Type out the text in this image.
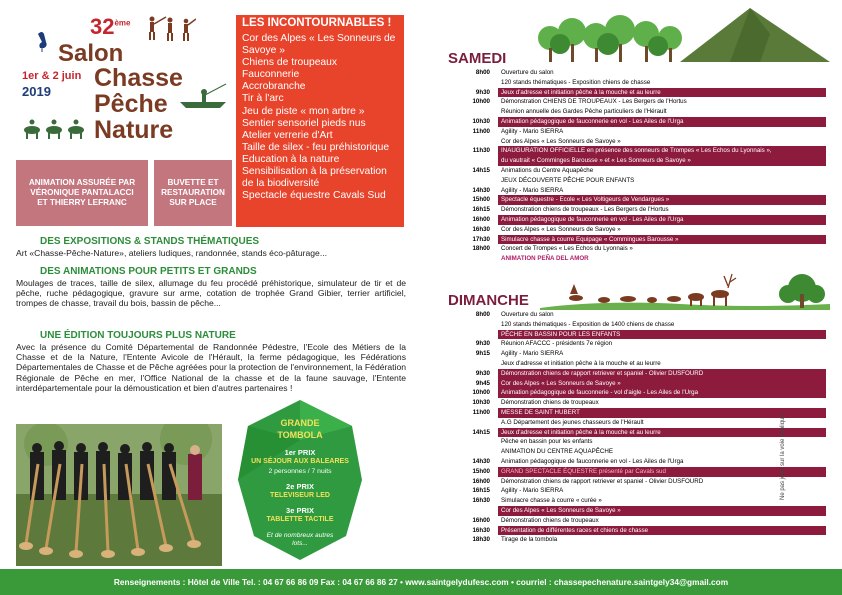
32ème
Salon
1er & 2 juin
2019 Chasse
Pêche
Nature
LES INCONTOURNABLES !
Cor des Alpes « Les Sonneurs de Savoye »
Chiens de troupeaux
Fauconnerie
Accrobranche
Tir à l'arc
Jeu de piste « mon arbre »
Sentier sensoriel pieds nus
Atelier verrerie d'Art
Taille de silex - feu préhistorique
Education à la nature
Sensibilisation à la préservation de la biodiversité
Spectacle équestre Cavals Sud
ANIMATION ASSURÉE PAR VÉRONIQUE PANTALACCI ET THIERRY LEFRANC
BUVETTE ET RESTAURATION SUR PLACE
DES EXPOSITIONS & STANDS THÉMATIQUES
Art «Chasse-Pêche-Nature», ateliers ludiques, randonnée, stands éco-pâturage...
DES ANIMATIONS POUR PETITS ET GRANDS
Moulages de traces, taille de silex, allumage du feu procédé préhistorique, simulateur de tir et de pêche, ruche pédagogique, gravure sur arme, cotation de trophée Grand Gibier, terrier artificiel, trompes de chasse, travail du bois, bassin de pêche...
UNE ÉDITION TOUJOURS PLUS NATURE
Avec la présence du Comité Départemental de Randonnée Pédestre, l'Ecole des Métiers de la Chasse et de la Nature, l'Entente Avicole de l'Hérault, la ferme pédagogique, les Fédérations Départementales de Chasse et de Pêche agréées pour la protection de l'environnement, la Fédération Régionale de Pêche en mer, l'Office National de la chasse et de la faune sauvage, l'Entente interdépartementale pour la démoustication et bien d'autres partenaires !
GRANDE
TOMBOLA
1er PRIX
UN SÉJOUR AUX BALEARES
2 personnes / 7 nuits
2e PRIX
TELEVISEUR LED
3e PRIX
TABLETTE TACTILE
Et de nombreux autres lots...
SAMEDI
8h00	Ouverture du salon
120 stands thématiques - Exposition chiens de chasse
9h30	Jeux d'adresse et initiation pêche à la mouche et au leurre
10h00	Démonstration CHIENS DE TROUPEAUX - Les Bergers de l'Hortus
Réunion annuelle des Gardes Pêche particuliers de l'Hérault
10h30	Animation pédagogique de fauconnerie en vol - Les Ailes de l'Urga
11h00	Agility - Mario SIERRA
Cor des Alpes « Les Sonneurs de Savoye »
11h30	INAUGURATION OFFICIELLE en présence des sonneurs de Trompes « Les Echos du Lyonnais »,
du vautrait « Comminges Barousse » et « Les Sonneurs de Savoye »
14h15	Animations du Centre Aquapêche
JEUX DÉCOUVERTE PÊCHE POUR ENFANTS
14h30	Agility - Mario SIERRA
15h00	Spectacle équestre - Ecole « Les Voltigeurs de Vendargues »
16h15	Démonstration chiens de troupeaux - Les Bergers de l'Hortus
16h00	Animation pédagogique de fauconnerie en vol - Les Ailes de l'Urga
16h30	Cor des Alpes « Les Sonneurs de Savoye »
17h30	Simulacre chasse à courre Equipage « Commingues Barousse »
18h00	Concert de Trompes « Les Echos du Lyonnais »
ANIMATION PEÑA DEL AMOR
DIMANCHE
8h00	Ouverture du salon
120 stands thématiques - Exposition de 1400 chiens de chasse
PÊCHE EN BASSIN POUR LES ENFANTS
9h30	Réunion AFACCC - présidents 7e région
9h15	Agility - Mario SIERRA
Jeux d'adresse et initiation pêche à la mouche et au leurre
9h30	Démonstration chiens de rapport retriever et spaniel - Olivier DUSFOURD
9h45	Cor des Alpes « Les Sonneurs de Savoye »
10h00	Animation pédagogique de fauconnerie - vol d'aigle - Les Ailes de l'Urga
10h30	Démonstration chiens de troupeaux
11h00	MESSE DE SAINT HUBERT
A.G Département des jeunes chasseurs de l'Hérault
14h15	Jeux d'adresse et initiation pêche à la mouche et au leurre
Pêche en bassin pour les enfants
ANIMATION DU CENTRE AQUAPÊCHE
14h30	Animation pédagogique de fauconnerie en vol - Les Ailes de l'Urga
15h00	GRAND SPECTACLE ÉQUESTRE présenté par Cavals sud
16h00	Démonstration chiens de rapport retriever et spaniel - Olivier DUSFOURD
16h15	Agility - Mario SIERRA
16h30	Simulacre chasse à courre « curée »
Cor des Alpes « Les Sonneurs de Savoye »
16h00	Démonstration chiens de troupeaux
16h30	Présentation de différentes races et chiens de chasse
18h30	Tirage de la tombola
Ne pas jeter sur la voie publique
Renseignements : Hôtel de Ville Tel. : 04 67 66 86 09 Fax : 04 67 66 86 27 • www.saintgelydufesc.com • courriel : chassepechenature.saintgely34@gmail.com
